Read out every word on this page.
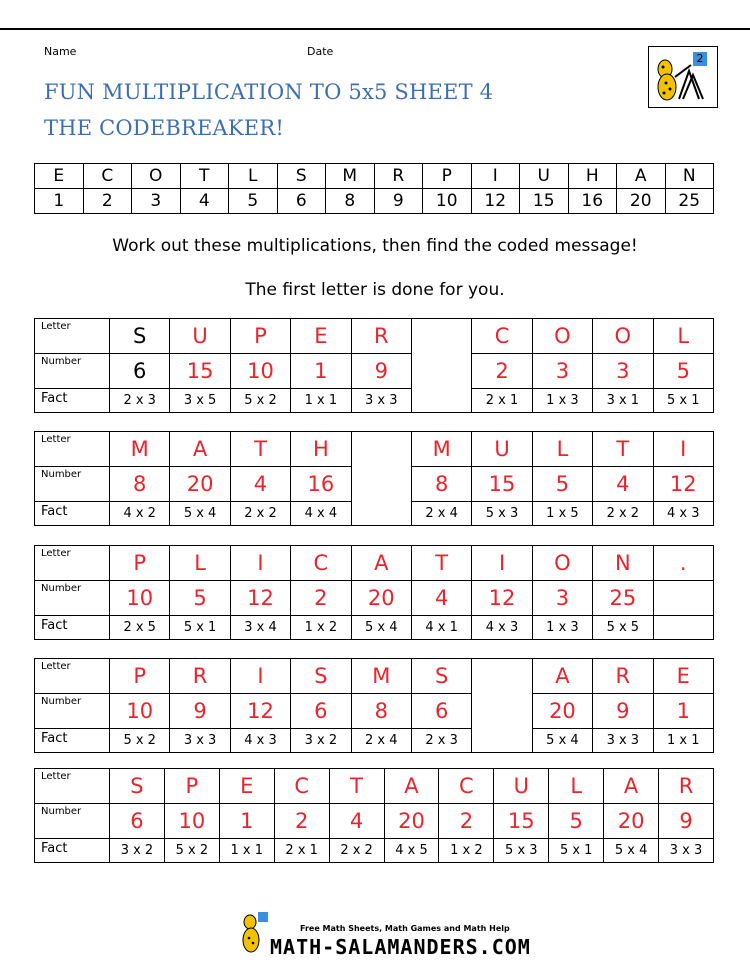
Name	Date
FUN MULTIPLICATION TO 5x5 SHEET 4
THE CODEBREAKER!
2
E	C	O	T	L	S	M	R	P	I	U	H	A	N
1	2	3	4	5	6	8	9	10	12	15	16	20	25
Work out these multiplications, then find the coded message!
The first letter is done for you.
Letter	S	U	P	E	R		C	O	O	L
Number	6	15	10	1	9		2	3	3	5
Fact	2 x 3	3 x 5	5 x 2	1 x 1	3 x 3		2 x 1	1 x 3	3 x 1	5 x 1
Letter	M	A	T	H		M	U	L	T	I
Number	8	20	4	16		8	15	5	4	12
Fact	4 x 2	5 x 4	2 x 2	4 x 4		2 x 4	5 x 3	1 x 5	2 x 2	4 x 3
Letter	P	L	I	C	A	T	I	O	N	.
Number	10	5	12	2	20	4	12	3	25	
Fact	2 x 5	5 x 1	3 x 4	1 x 2	5 x 4	4 x 1	4 x 3	1 x 3	5 x 5	
Letter	P	R	I	S	M	S		A	R	E
Number	10	9	12	6	8	6		20	9	1
Fact	5 x 2	3 x 3	4 x 3	3 x 2	2 x 4	2 x 3		5 x 4	3 x 3	1 x 1
Letter	S	P	E	C	T	A	C	U	L	A	R
Number	6	10	1	2	4	20	2	15	5	20	9
Fact	3 x 2	5 x 2	1 x 1	2 x 1	2 x 2	4 x 5	1 x 2	5 x 3	5 x 1	5 x 4	3 x 3
Free Math Sheets, Math Games and Math Help
MATH-SALAMANDERS.COM
